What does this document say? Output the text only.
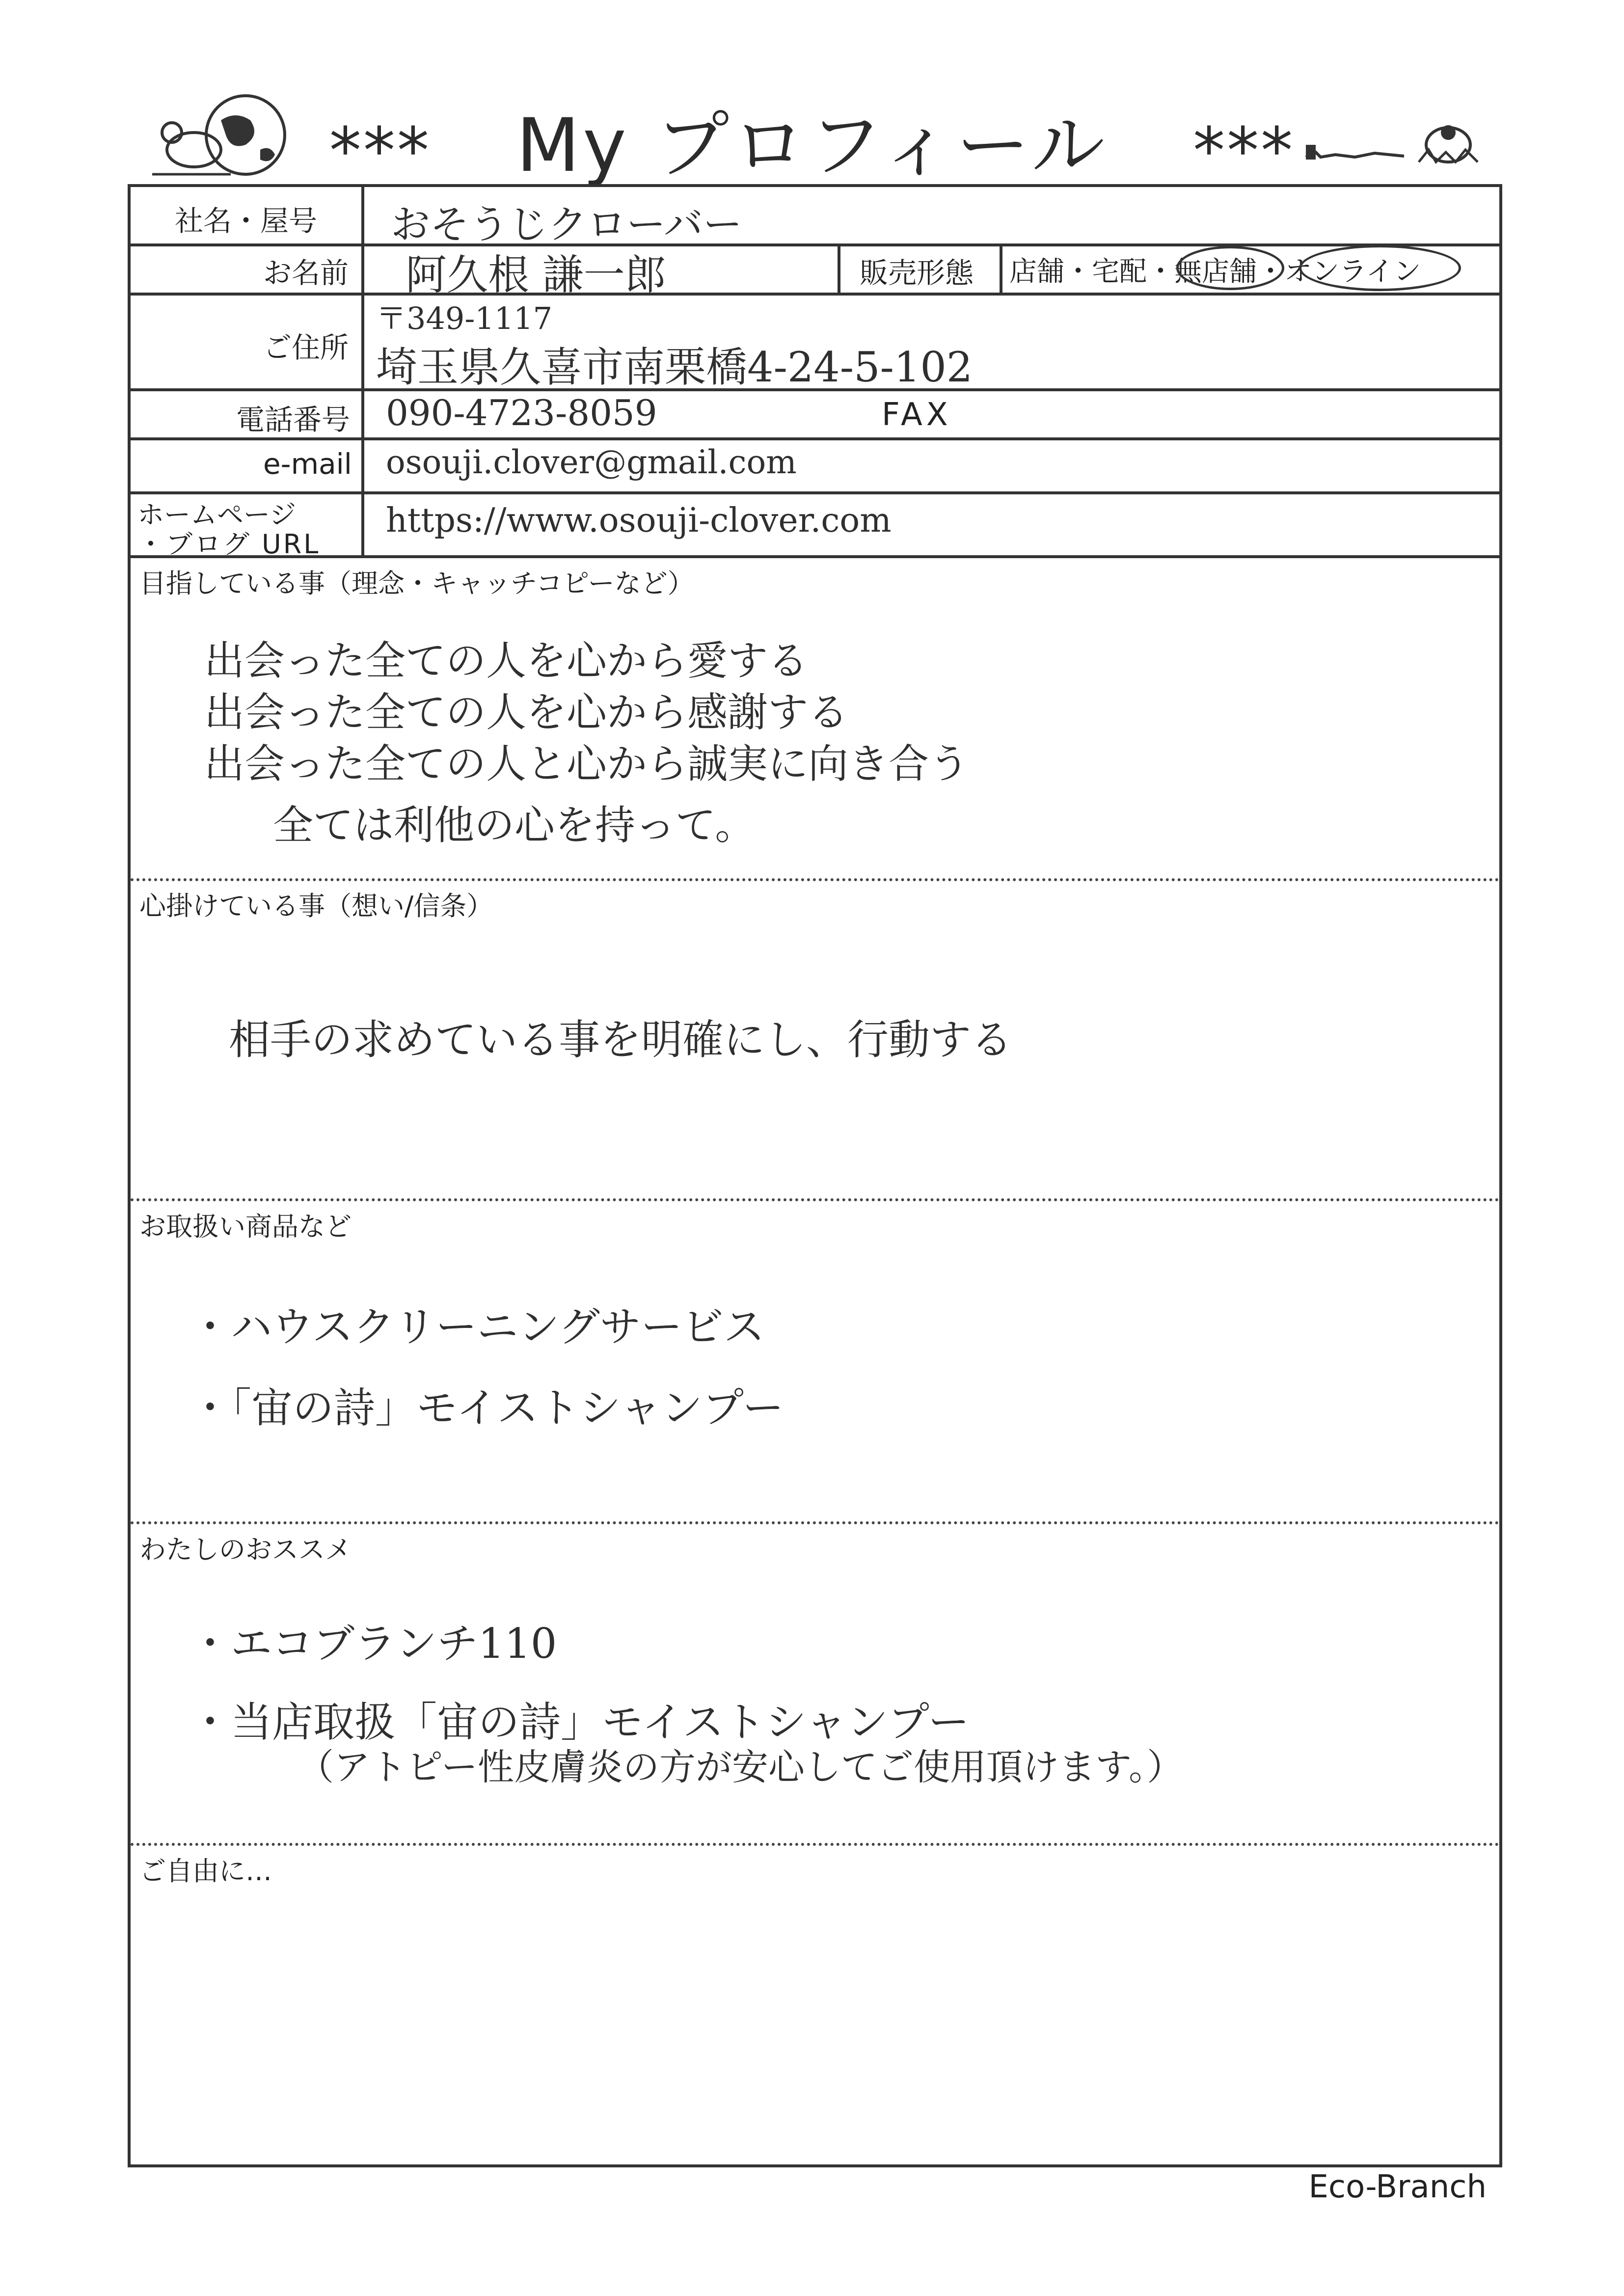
*** My プロフィール ***
社名・屋号 おそうじクローバー
お名前 阿久根 謙一郎	販売形態 店舗・宅配・無店舗・オンライン
ご住所
〒349-1117
埼玉県久喜市南栗橋4-24-5-102
電話番号 090-4723-8059	FAX
e-mail osouji.clover@gmail.com
ホームページ
・ブログ URL
https://www.osouji-clover.com
目指している事（理念・キャッチコピーなど）
出会った全ての人を心から愛する
出会った全ての人を心から感謝する
出会った全ての人と心から誠実に向き合う
全ては利他の心を持って。
心掛けている事（想い/信条）
相手の求めている事を明確にし、行動する
お取扱い商品など
・ハウスクリーニングサービス
・「宙の詩」モイストシャンプー
わたしのおススメ
・エコブランチ110
・当店取扱「宙の詩」モイストシャンプー
（アトピー性皮膚炎の方が安心してご使用頂けます。）
ご自由に…
Eco-Branch
